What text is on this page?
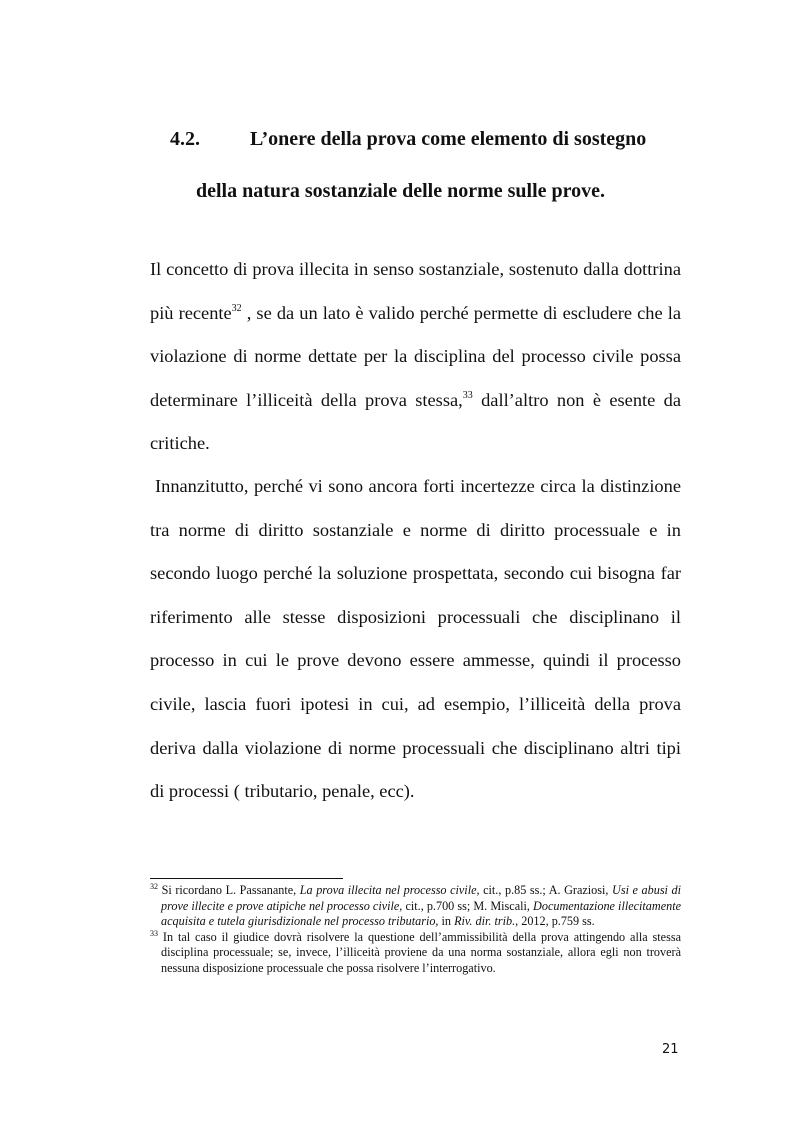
4.2.	L’onere della prova come elemento di sostegno
della natura sostanziale delle norme sulle prove.

Il concetto di prova illecita in senso sostanziale, sostenuto dalla dottrina più recente$^{32}$ , se da un lato è valido perché permette di escludere che la violazione di norme dettate per la disciplina del processo civile possa determinare l’illiceità della prova stessa,$^{33}$ dall’altro non è esente da critiche.

Innanzitutto, perché vi sono ancora forti incertezze circa la distinzione tra norme di diritto sostanziale e norme di diritto processuale e in secondo luogo perché la soluzione prospettata, secondo cui bisogna far riferimento alle stesse disposizioni processuali che disciplinano il processo in cui le prove devono essere ammesse, quindi il processo civile, lascia fuori ipotesi in cui, ad esempio, l’illiceità della prova deriva dalla violazione di norme processuali che disciplinano altri tipi di processi ( tributario, penale, ecc).

$^{32}$ Si ricordano L. Passanante, La prova illecita nel processo civile, cit., p.85 ss.; A. Graziosi, Usi e abusi di prove illecite e prove atipiche nel processo civile, cit., p.700 ss; M. Miscali, Documentazione illecitamente acquisita e tutela giurisdizionale nel processo tributario, in Riv. dir. trib., 2012, p.759 ss.

$^{33}$ In tal caso il giudice dovrà risolvere la questione dell’ammissibilità della prova attingendo alla stessa disciplina processuale; se, invece, l’illiceità proviene da una norma sostanziale, allora egli non troverà nessuna disposizione processuale che possa risolvere l’interrogativo.

21
